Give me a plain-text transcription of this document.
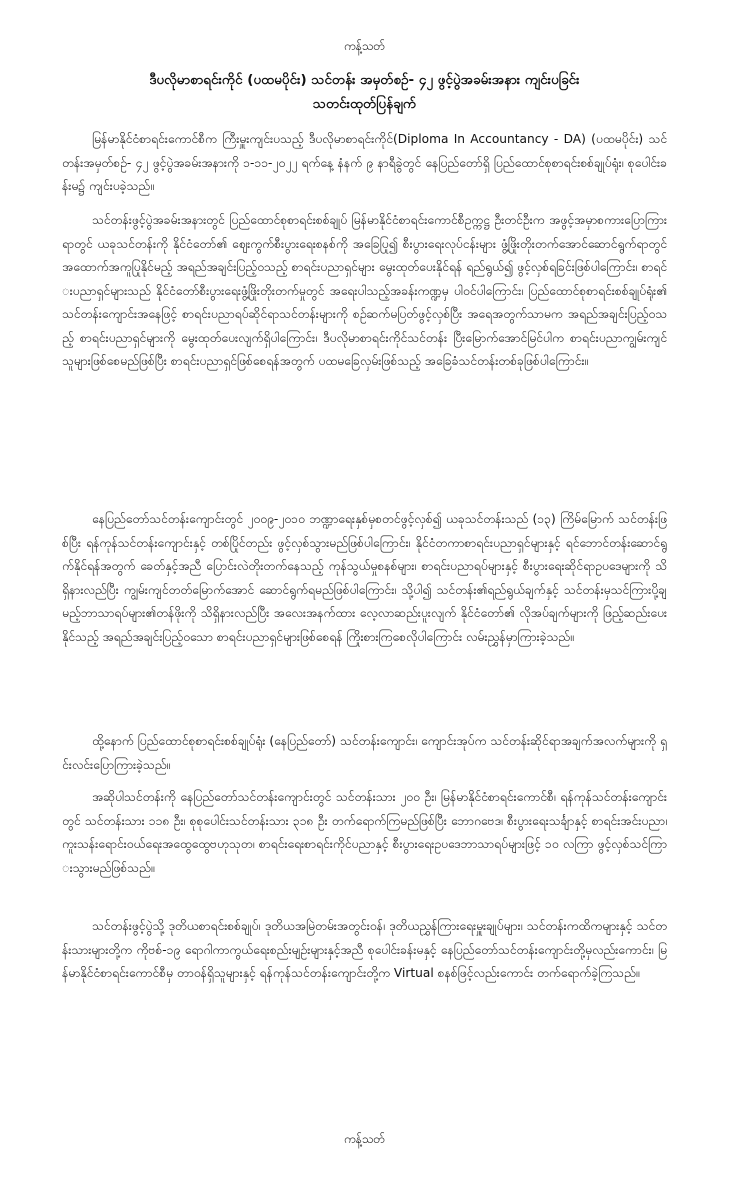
ကန့်သတ်
ဒီပလိုမာစာရင်းကိုင် (ပထမပိုင်း) သင်တန်း အမှတ်စဉ်- ၄၂ ဖွင့်ပွဲအခမ်းအနား ကျင်းပခြင်း
သတင်းထုတ်ပြန်ချက်

မြန်မာနိုင်ငံစာရင်းကောင်စီက ကြီးမှူးကျင်းပသည့် ဒီပလိုမာစာရင်းကိုင်(Diploma In Accountancy - DA) (ပထမပိုင်း) သင်တန်းအမှတ်စဉ်- ၄၂ ဖွင့်ပွဲအခမ်းအနားကို ၁-၁၁-၂၀၂၂ ရက်နေ့ နံနက် ၉ နာရီခွဲတွင် နေပြည်တော်ရှိ ပြည်ထောင်စုစာရင်းစစ်ချုပ်ရုံး၊ စုပေါင်းခန်းမ၌ ကျင်းပခဲ့သည်။

သင်တန်းဖွင့်ပွဲအခမ်းအနားတွင် ပြည်ထောင်စုစာရင်းစစ်ချုပ် မြန်မာနိုင်ငံစာရင်းကောင်စီဥက္ကဋ္ဌ ဦးတင်ဦးက အဖွင့်အမှာစကားပြောကြားရာတွင် ယခုသင်တန်းကို နိုင်ငံတော်၏ ဈေးကွက်စီးပွားရေးစနစ်ကို အခြေပြု၍ စီးပွားရေးလုပ်ငန်းများ ဖွံ့ဖြိုးတိုးတက်အောင်ဆောင်ရွက်ရာတွင် အထောက်အကူပြုနိုင်မည့် အရည်အချင်းပြည့်ဝသည့် စာရင်းပညာရှင်များ မွေးထုတ်ပေးနိုင်ရန် ရည်ရွယ်၍ ဖွင့်လှစ်ရခြင်းဖြစ်ပါကြောင်း၊ စာရင်းပညာရှင်များသည် နိုင်ငံတော်စီးပွားရေးဖွံ့ဖြိုးတိုးတက်မှုတွင် အရေးပါသည့်အခန်းကဏ္ဍမှ ပါဝင်ပါကြောင်း၊ ပြည်ထောင်စုစာရင်းစစ်ချုပ်ရုံး၏ သင်တန်းကျောင်းအနေဖြင့် စာရင်းပညာရပ်ဆိုင်ရာသင်တန်းများကို စဉ်ဆက်မပြတ်ဖွင့်လှစ်ပြီး အရေအတွက်သာမက အရည်အချင်းပြည့်ဝသည့် စာရင်းပညာရှင်များကို မွေးထုတ်ပေးလျက်ရှိပါကြောင်း၊ ဒီပလိုမာစာရင်းကိုင်သင်တန်း ပြီးမြောက်အောင်မြင်ပါက စာရင်းပညာကျွမ်းကျင်သူများဖြစ်စေမည်ဖြစ်ပြီး စာရင်းပညာရှင်ဖြစ်စေရန်အတွက် ပထမခြေလှမ်းဖြစ်သည့် အခြေခံသင်တန်းတစ်ခုဖြစ်ပါကြောင်း။

နေပြည်တော်သင်တန်းကျောင်းတွင် ၂၀၀၉-၂၀၁၀ ဘဏ္ဍာရေးနှစ်မှစတင်ဖွင့်လှစ်၍ ယခုသင်တန်းသည် (၁၃) ကြိမ်မြောက် သင်တန်းဖြစ်ပြီး ရန်ကုန်သင်တန်းကျောင်းနှင့် တစ်ပြိုင်တည်း ဖွင့်လှစ်သွားမည်ဖြစ်ပါကြောင်း၊ နိုင်ငံတကာစာရင်းပညာရှင်များနှင့် ရင်ဘောင်တန်းဆောင်ရွက်နိုင်ရန်အတွက် ခေတ်နှင့်အညီ ပြောင်းလဲတိုးတက်နေသည့် ကုန်သွယ်မှုစနစ်များ၊ စာရင်းပညာရပ်များနှင့် စီးပွားရေးဆိုင်ရာဥပဒေများကို သိရှိနားလည်ပြီး ကျွမ်းကျင်တတ်မြောက်အောင် ဆောင်ရွက်ရမည်ဖြစ်ပါကြောင်း၊ သို့ပါ၍ သင်တန်း၏ရည်ရွယ်ချက်နှင့် သင်တန်းမှသင်ကြားပို့ချမည့်ဘာသာရပ်များ၏တန်ဖိုးကို သိရှိနားလည်ပြီး အလေးအနက်ထား လေ့လာဆည်းပူးလျက် နိုင်ငံတော်၏ လိုအပ်ချက်များကို ဖြည့်ဆည်းပေးနိုင်သည့် အရည်အချင်းပြည့်ဝသော စာရင်းပညာရှင်များဖြစ်စေရန် ကြိုးစားကြစေလိုပါကြောင်း လမ်းညွှန်မှာကြားခဲ့သည်။

ထို့နောက် ပြည်ထောင်စုစာရင်းစစ်ချုပ်ရုံး (နေပြည်တော်) သင်တန်းကျောင်း၊ ကျောင်းအုပ်က သင်တန်းဆိုင်ရာအချက်အလက်များကို ရှင်းလင်းပြောကြားခဲ့သည်။

အဆိုပါသင်တန်းကို နေပြည်တော်သင်တန်းကျောင်းတွင် သင်တန်းသား ၂၀၀ ဦး၊ မြန်မာနိုင်ငံစာရင်းကောင်စီ၊ ရန်ကုန်သင်တန်းကျောင်းတွင် သင်တန်းသား ၁၁၈ ဦး၊ စုစုပေါင်းသင်တန်းသား ၃၁၈ ဦး တက်ရောက်ကြမည်ဖြစ်ပြီး ဘောဂဗေဒ၊ စီးပွားရေးသင်္ချာနှင့် စာရင်းအင်းပညာ၊ ကူးသန်းရောင်းဝယ်ရေးအထွေထွေဗဟုသုတ၊ စာရင်းရေးစာရင်းကိုင်ပညာနှင့် စီးပွားရေးဥပဒေဘာသာရပ်များဖြင့် ၁၀ လကြာ ဖွင့်လှစ်သင်ကြားသွားမည်ဖြစ်သည်။

သင်တန်းဖွင့်ပွဲသို့ ဒုတိယစာရင်းစစ်ချုပ်၊ ဒုတိယအမြဲတမ်းအတွင်းဝန်၊ ဒုတိယညွှန်ကြားရေးမှူးချုပ်များ၊ သင်တန်းကထိကများနှင့် သင်တန်းသားများတို့က ကိုဗစ်-၁၉ ရောဂါကာကွယ်ရေးစည်းမျဉ်းများနှင့်အညီ စုပေါင်းခန်းမနှင့် နေပြည်တော်သင်တန်းကျောင်းတို့မှလည်းကောင်း၊ မြန်မာနိုင်ငံစာရင်းကောင်စီမှ တာဝန်ရှိသူများနှင့် ရန်ကုန်သင်တန်းကျောင်းတို့က Virtual စနစ်ဖြင့်လည်းကောင်း တက်ရောက်ခဲ့ကြသည်။

ကန့်သတ်
